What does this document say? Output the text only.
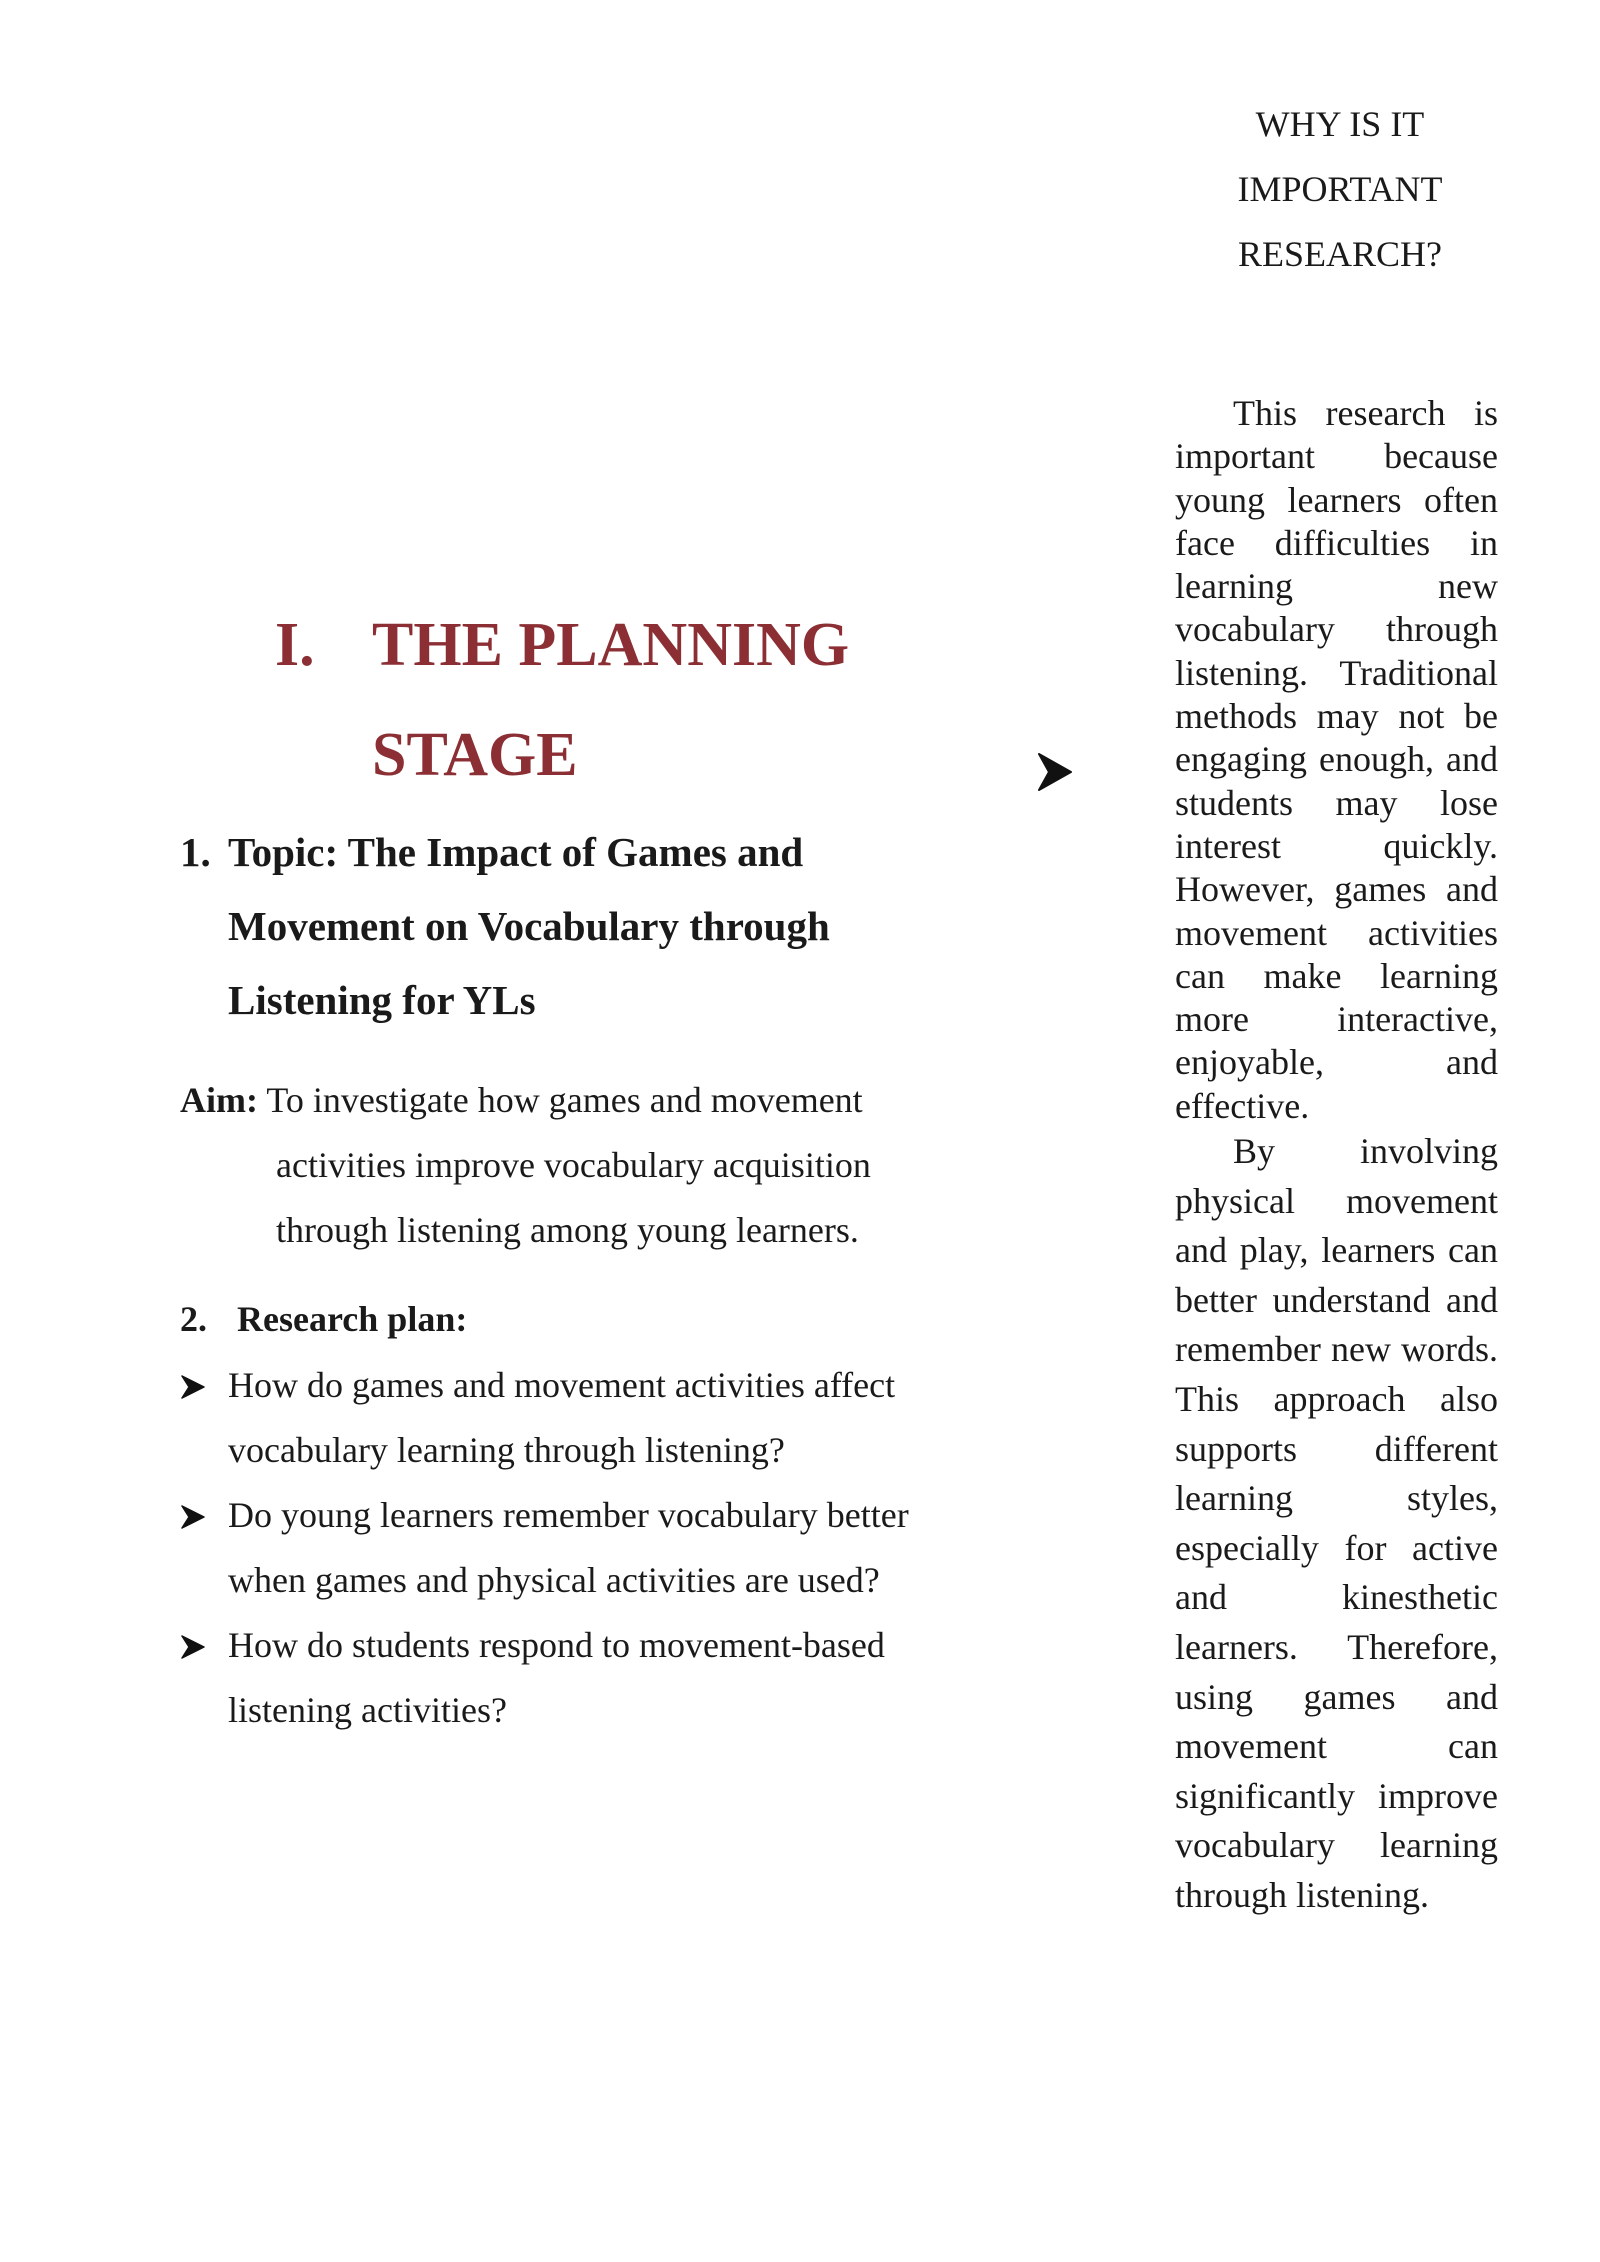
WHY IS IT
IMPORTANT
RESEARCH?

This research is important because young learners often face difficulties in learning new vocabulary through listening. Traditional methods may not be engaging enough, and students may lose interest quickly. However, games and movement activities can make learning more interactive, enjoyable, and effective.

By involving physical movement and play, learners can better understand and remember new words. This approach also supports different learning styles, especially for active and kinesthetic learners. Therefore, using games and movement can significantly improve vocabulary learning through listening.

I. THE PLANNING
STAGE
1. Topic: The Impact of Games and Movement on Vocabulary through Listening for YLs
Aim: To investigate how games and movement
activities improve vocabulary acquisition through listening among young learners.
2. Research plan:
How do games and movement activities affect vocabulary learning through listening?
Do young learners remember vocabulary better when games and physical activities are used?
How do students respond to movement-based listening activities?
